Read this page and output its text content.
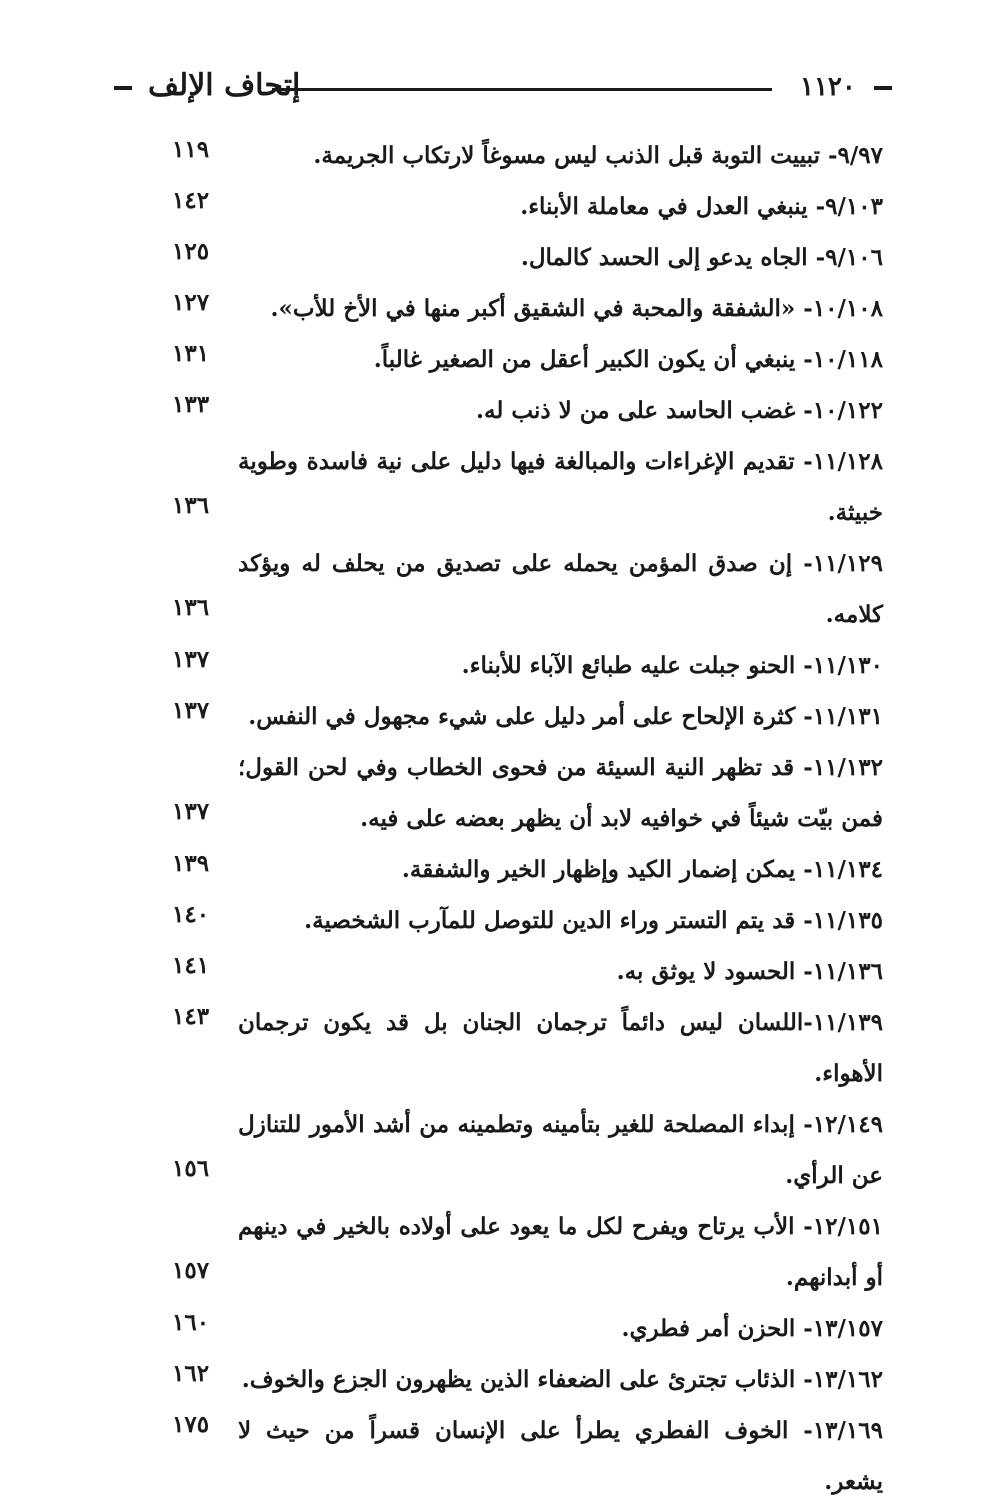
١١٢٠
إتحاف الإلف
٩/٩٧- تبييت التوبة قبل الذنب ليس مسوغاً لارتكاب الجريمة.
١١٩
٩/١٠٣- ينبغي العدل في معاملة الأبناء.
١٤٢
٩/١٠٦- الجاه يدعو إلى الحسد كالمال.
١٢٥
١٠/١٠٨- «الشفقة والمحبة في الشقيق أكبر منها في الأخ للأب».
١٢٧
١٠/١١٨- ينبغي أن يكون الكبير أعقل من الصغير غالباً.
١٣١
١٠/١٢٢- غضب الحاسد على من لا ذنب له.
١٣٣
١١/١٢٨- تقديم الإغراءات والمبالغة فيها دليل على نية فاسدة وطوية خبيثة.
١٣٦
١١/١٢٩- إن صدق المؤمن يحمله على تصديق من يحلف له ويؤكد كلامه.
١٣٦
١١/١٣٠- الحنو جبلت عليه طبائع الآباء للأبناء.
١٣٧
١١/١٣١- كثرة الإلحاح على أمر دليل على شيء مجهول في النفس.
١٣٧
١١/١٣٢- قد تظهر النية السيئة من فحوى الخطاب وفي لحن القول؛ فمن بيّت شيئاً في خوافيه لابد أن يظهر بعضه على فيه.
١٣٧
١١/١٣٤- يمكن إضمار الكيد وإظهار الخير والشفقة.
١٣٩
١١/١٣٥- قد يتم التستر وراء الدين للتوصل للمآرب الشخصية.
١٤٠
١١/١٣٦- الحسود لا يوثق به.
١٤١
١١/١٣٩-اللسان ليس دائماً ترجمان الجنان بل قد يكون ترجمان الأهواء.
١٤٣
١٢/١٤٩- إبداء المصلحة للغير بتأمينه وتطمينه من أشد الأمور للتنازل عن الرأي.
١٥٦
١٢/١٥١- الأب يرتاح ويفرح لكل ما يعود على أولاده بالخير في دينهم أو أبدانهم.
١٥٧
١٣/١٥٧- الحزن أمر فطري.
١٦٠
١٣/١٦٢- الذئاب تجترئ على الضعفاء الذين يظهرون الجزع والخوف.
١٦٢
١٣/١٦٩- الخوف الفطري يطرأ على الإنسان قسراً من حيث لا يشعر.
١٧٥
